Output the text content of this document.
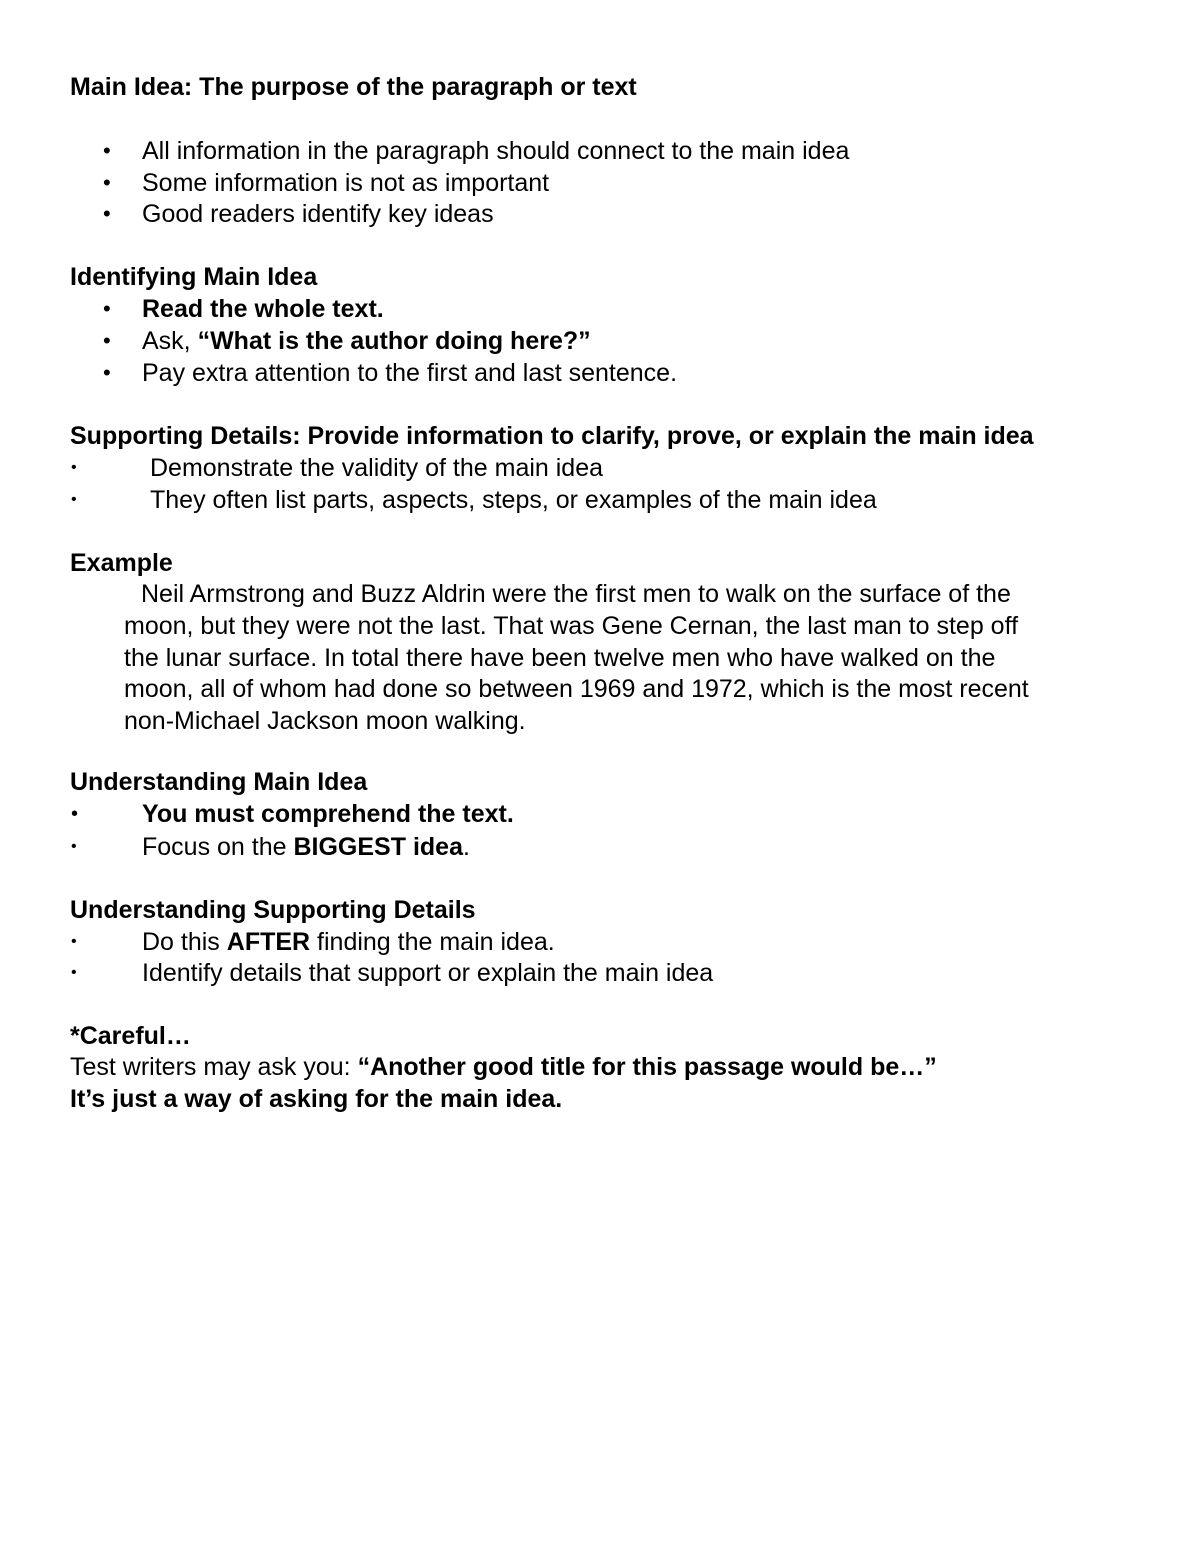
Main Idea: The purpose of the paragraph or text
• All information in the paragraph should connect to the main idea
• Some information is not as important
• Good readers identify key ideas
Identifying Main Idea
• Read the whole text.
• Ask, “What is the author doing here?”
• Pay extra attention to the first and last sentence.
Supporting Details: Provide information to clarify, prove, or explain the main idea
•	Demonstrate the validity of the main idea
•	They often list parts, aspects, steps, or examples of the main idea
Example
Neil Armstrong and Buzz Aldrin were the first men to walk on the surface of the
moon, but they were not the last. That was Gene Cernan, the last man to step off
the lunar surface. In total there have been twelve men who have walked on the
moon, all of whom had done so between 1969 and 1972, which is the most recent
non-Michael Jackson moon walking.
Understanding Main Idea
•	You must comprehend the text.
•	Focus on the BIGGEST idea.
Understanding Supporting Details
•	Do this AFTER finding the main idea.
•	Identify details that support or explain the main idea
*Careful…
Test writers may ask you: “Another good title for this passage would be…”
It’s just a way of asking for the main idea.
